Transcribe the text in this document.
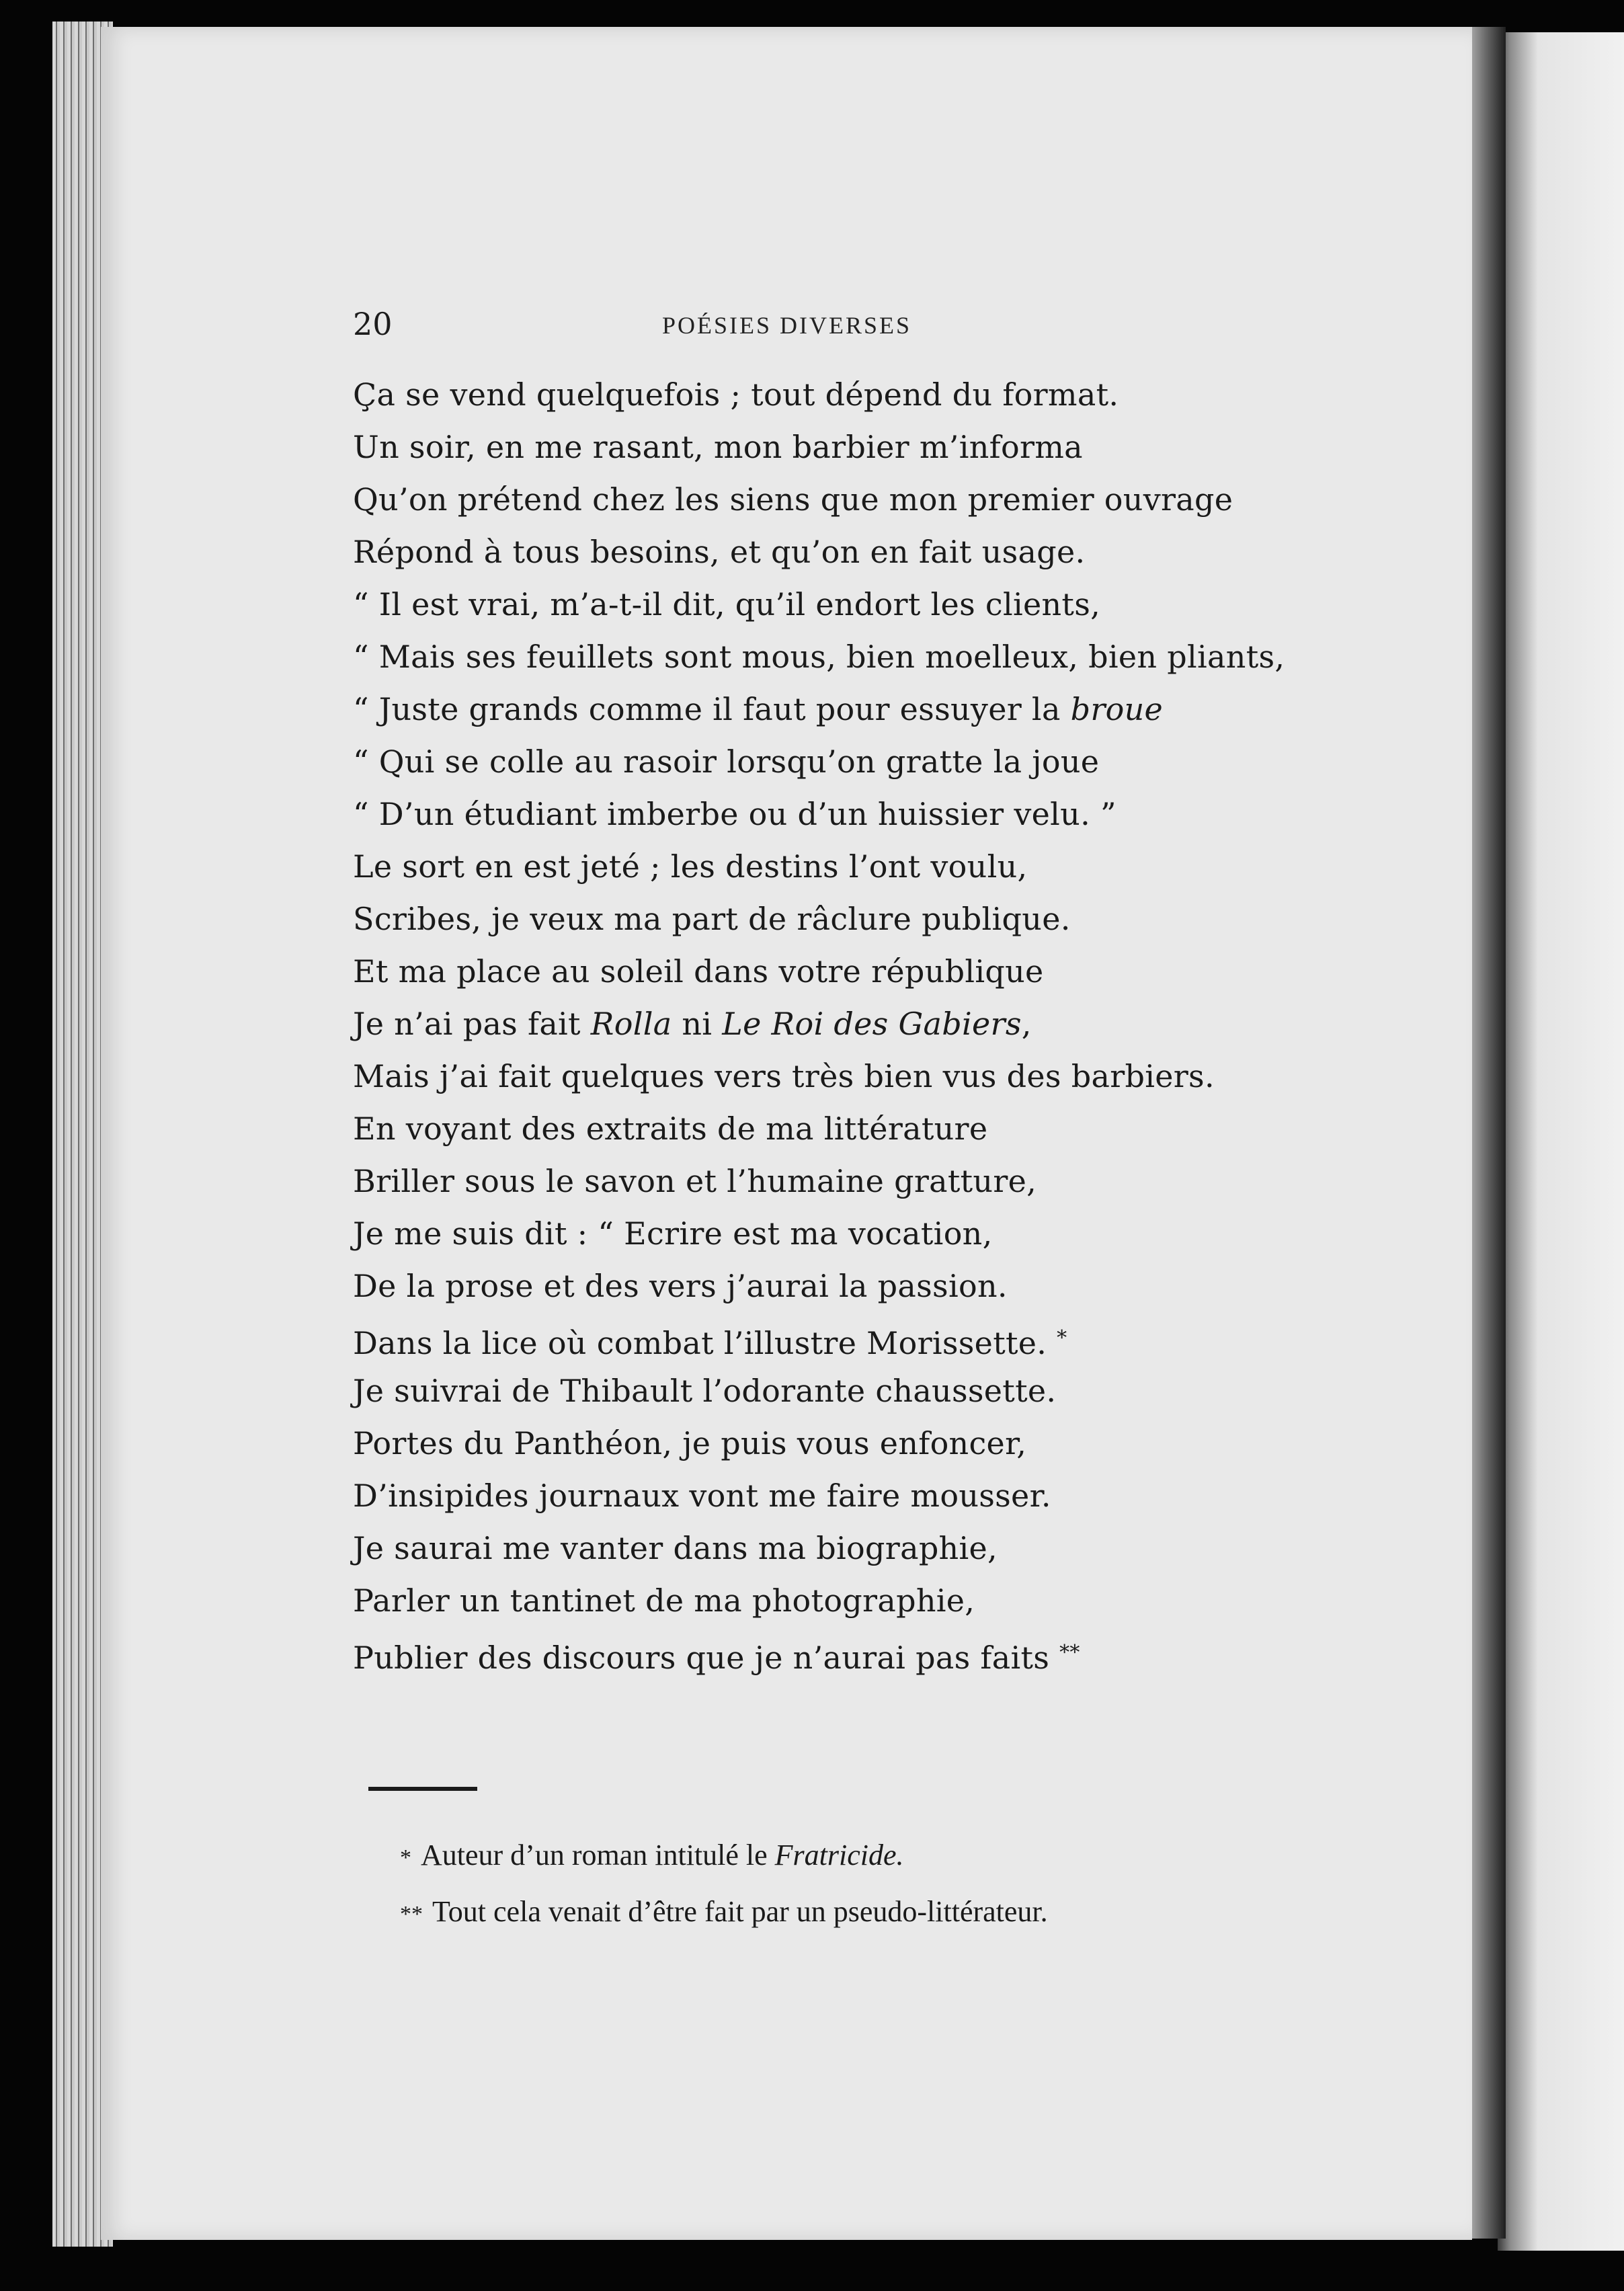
20	POÉSIES DIVERSES
Ça se vend quelquefois ; tout dépend du format.
Un soir, en me rasant, mon barbier m’informa
Qu’on prétend chez les siens que mon premier ouvrage
Répond à tous besoins, et qu’on en fait usage.
“ Il est vrai, m’a-t-il dit, qu’il endort les clients,
“ Mais ses feuillets sont mous, bien moelleux, bien pliants,
“ Juste grands comme il faut pour essuyer la broue
“ Qui se colle au rasoir lorsqu’on gratte la joue
“ D’un étudiant imberbe ou d’un huissier velu. ”
Le sort en est jeté ; les destins l’ont voulu,
Scribes, je veux ma part de râclure publique.
Et ma place au soleil dans votre république
Je n’ai pas fait Rolla ni Le Roi des Gabiers,
Mais j’ai fait quelques vers très bien vus des barbiers.
En voyant des extraits de ma littérature
Briller sous le savon et l’humaine gratture,
Je me suis dit : “ Ecrire est ma vocation,
De la prose et des vers j’aurai la passion.
Dans la lice où combat l’illustre Morissette. *
Je suivrai de Thibault l’odorante chaussette.
Portes du Panthéon, je puis vous enfoncer,
D’insipides journaux vont me faire mousser.
Je saurai me vanter dans ma biographie,
Parler un tantinet de ma photographie,
Publier des discours que je n’aurai pas faits **
* Auteur d’un roman intitulé le Fratricide.
** Tout cela venait d’être fait par un pseudo-littérateur.
